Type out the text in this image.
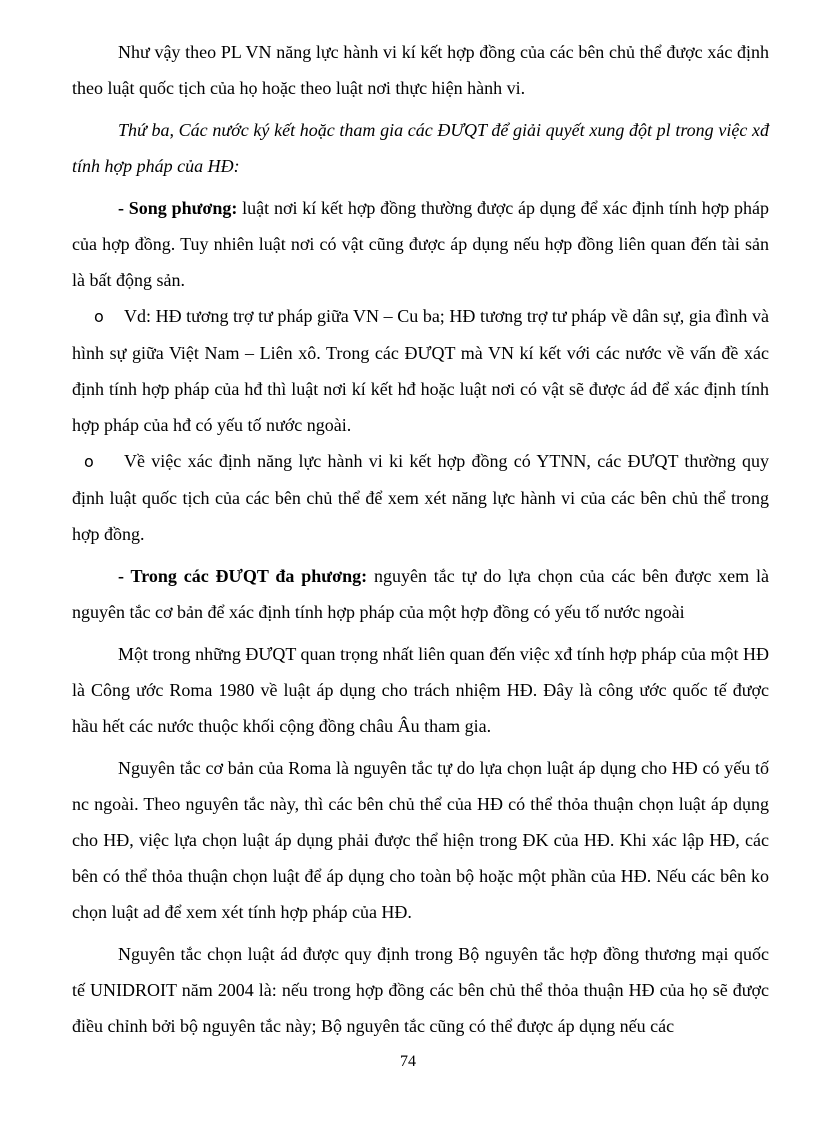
Như vậy theo PL VN năng lực hành vi kí kết hợp đồng của các bên chủ thể được xác định theo luật quốc tịch của họ hoặc theo luật nơi thực hiện hành vi.

Thứ ba, Các nước ký kết hoặc tham gia các ĐƯQT để giải quyết xung đột pl trong việc xđ tính hợp pháp của HĐ:

- Song phương: luật nơi kí kết hợp đồng thường được áp dụng để xác định tính hợp pháp của hợp đồng. Tuy nhiên luật nơi có vật cũng được áp dụng nếu hợp đồng liên quan đến tài sản là bất động sản.

o Vd: HĐ tương trợ tư pháp giữa VN – Cu ba; HĐ tương trợ tư pháp về dân sự, gia đình và hình sự giữa Việt Nam – Liên xô. Trong các ĐƯQT mà VN kí kết với các nước về vấn đề xác định tính hợp pháp của hđ thì luật nơi kí kết hđ hoặc luật nơi có vật sẽ được ád để xác định tính hợp pháp của hđ có yếu tố nước ngoài.

o Về việc xác định năng lực hành vi ki kết hợp đồng có YTNN, các ĐƯQT thường quy định luật quốc tịch của các bên chủ thể để xem xét năng lực hành vi của các bên chủ thể trong hợp đồng.

- Trong các ĐƯQT đa phương: nguyên tắc tự do lựa chọn của các bên được xem là nguyên tắc cơ bản để xác định tính hợp pháp của một hợp đồng có yếu tố nước ngoài

Một trong những ĐƯQT quan trọng nhất liên quan đến việc xđ tính hợp pháp của một HĐ là Công ước Roma 1980 về luật áp dụng cho trách nhiệm HĐ. Đây là công ước quốc tế được hầu hết các nước thuộc khối cộng đồng châu Âu tham gia.

Nguyên tắc cơ bản của Roma là nguyên tắc tự do lựa chọn luật áp dụng cho HĐ có yếu tố nc ngoài. Theo nguyên tắc này, thì các bên chủ thể của HĐ có thể thỏa thuận chọn luật áp dụng cho HĐ, việc lựa chọn luật áp dụng phải được thể hiện trong ĐK của HĐ. Khi xác lập HĐ, các bên có thể thỏa thuận chọn luật để áp dụng cho toàn bộ hoặc một phần của HĐ. Nếu các bên ko chọn luật ad để xem xét tính hợp pháp của HĐ.

Nguyên tắc chọn luật ád được quy định trong Bộ nguyên tắc hợp đồng thương mại quốc tế UNIDROIT năm 2004 là: nếu trong hợp đồng các bên chủ thể thỏa thuận HĐ của họ sẽ được điều chỉnh bởi bộ nguyên tắc này; Bộ nguyên tắc cũng có thể được áp dụng nếu các

74
